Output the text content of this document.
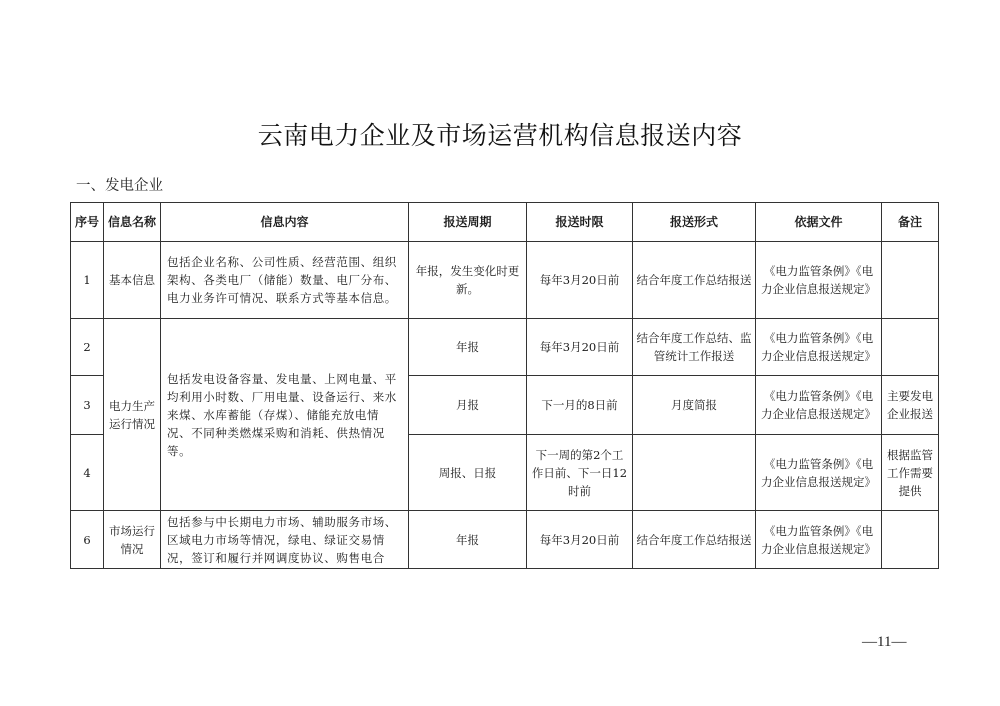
云南电力企业及市场运营机构信息报送内容
一、发电企业
序号	信息名称	信息内容	报送周期	报送时限	报送形式	依据文件	备注
1	基本信息	包括企业名称、公司性质、经营范围、组织架构、各类电厂（储能）数量、电厂分布、电力业务许可情况、联系方式等基本信息。	年报，发生变化时更新。	每年3月20日前	结合年度工作总结报送	《电力监管条例》《电力企业信息报送规定》	
2	电力生产运行情况	包括发电设备容量、发电量、上网电量、平均利用小时数、厂用电量、设备运行、来水来煤、水库蓄能（存煤）、储能充放电情况、不同种类燃煤采购和消耗、供热情况等。	年报	每年3月20日前	结合年度工作总结、监管统计工作报送	《电力监管条例》《电力企业信息报送规定》	
3			月报	下一月的8日前	月度简报	《电力监管条例》《电力企业信息报送规定》	主要发电企业报送
4			周报、日报	下一周的第2个工作日前、下一日12时前		《电力监管条例》《电力企业信息报送规定》	根据监管工作需要提供
6	市场运行情况	包括参与中长期电力市场、辅助服务市场、区域电力市场等情况，绿电、绿证交易情况，签订和履行并网调度协议、购售电合	年报	每年3月20日前	结合年度工作总结报送	《电力监管条例》《电力企业信息报送规定》	
—11—
